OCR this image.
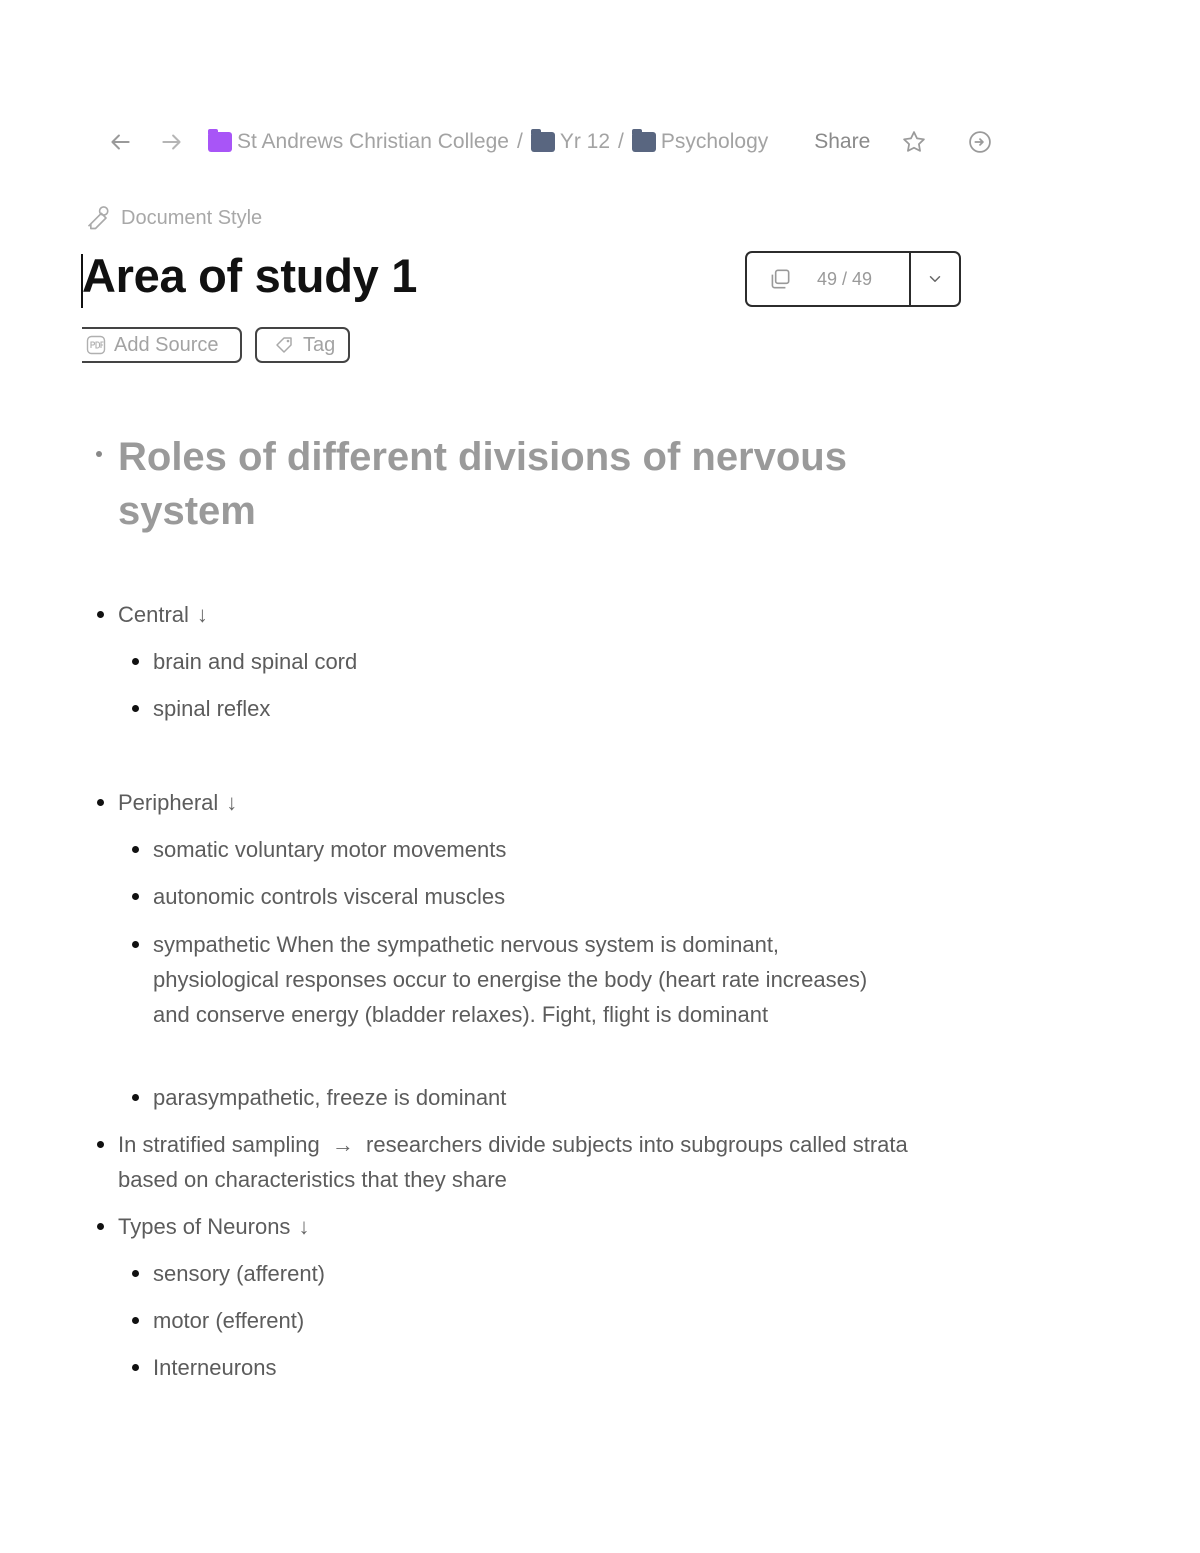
St Andrews Christian College / Yr 12 / Psychology Share
Document Style
Area of study 1	49 / 49
Add Source	Tag
Roles of different divisions of nervous system
Central ↓
brain and spinal cord
spinal reflex
Peripheral ↓
somatic voluntary motor movements
autonomic controls visceral muscles
sympathetic When the sympathetic nervous system is dominant, physiological responses occur to energise the body (heart rate increases) and conserve energy (bladder relaxes). Fight, flight is dominant
parasympathetic, freeze is dominant
In stratified sampling → researchers divide subjects into subgroups called strata based on characteristics that they share
Types of Neurons ↓
sensory (afferent)
motor (efferent)
Interneurons
